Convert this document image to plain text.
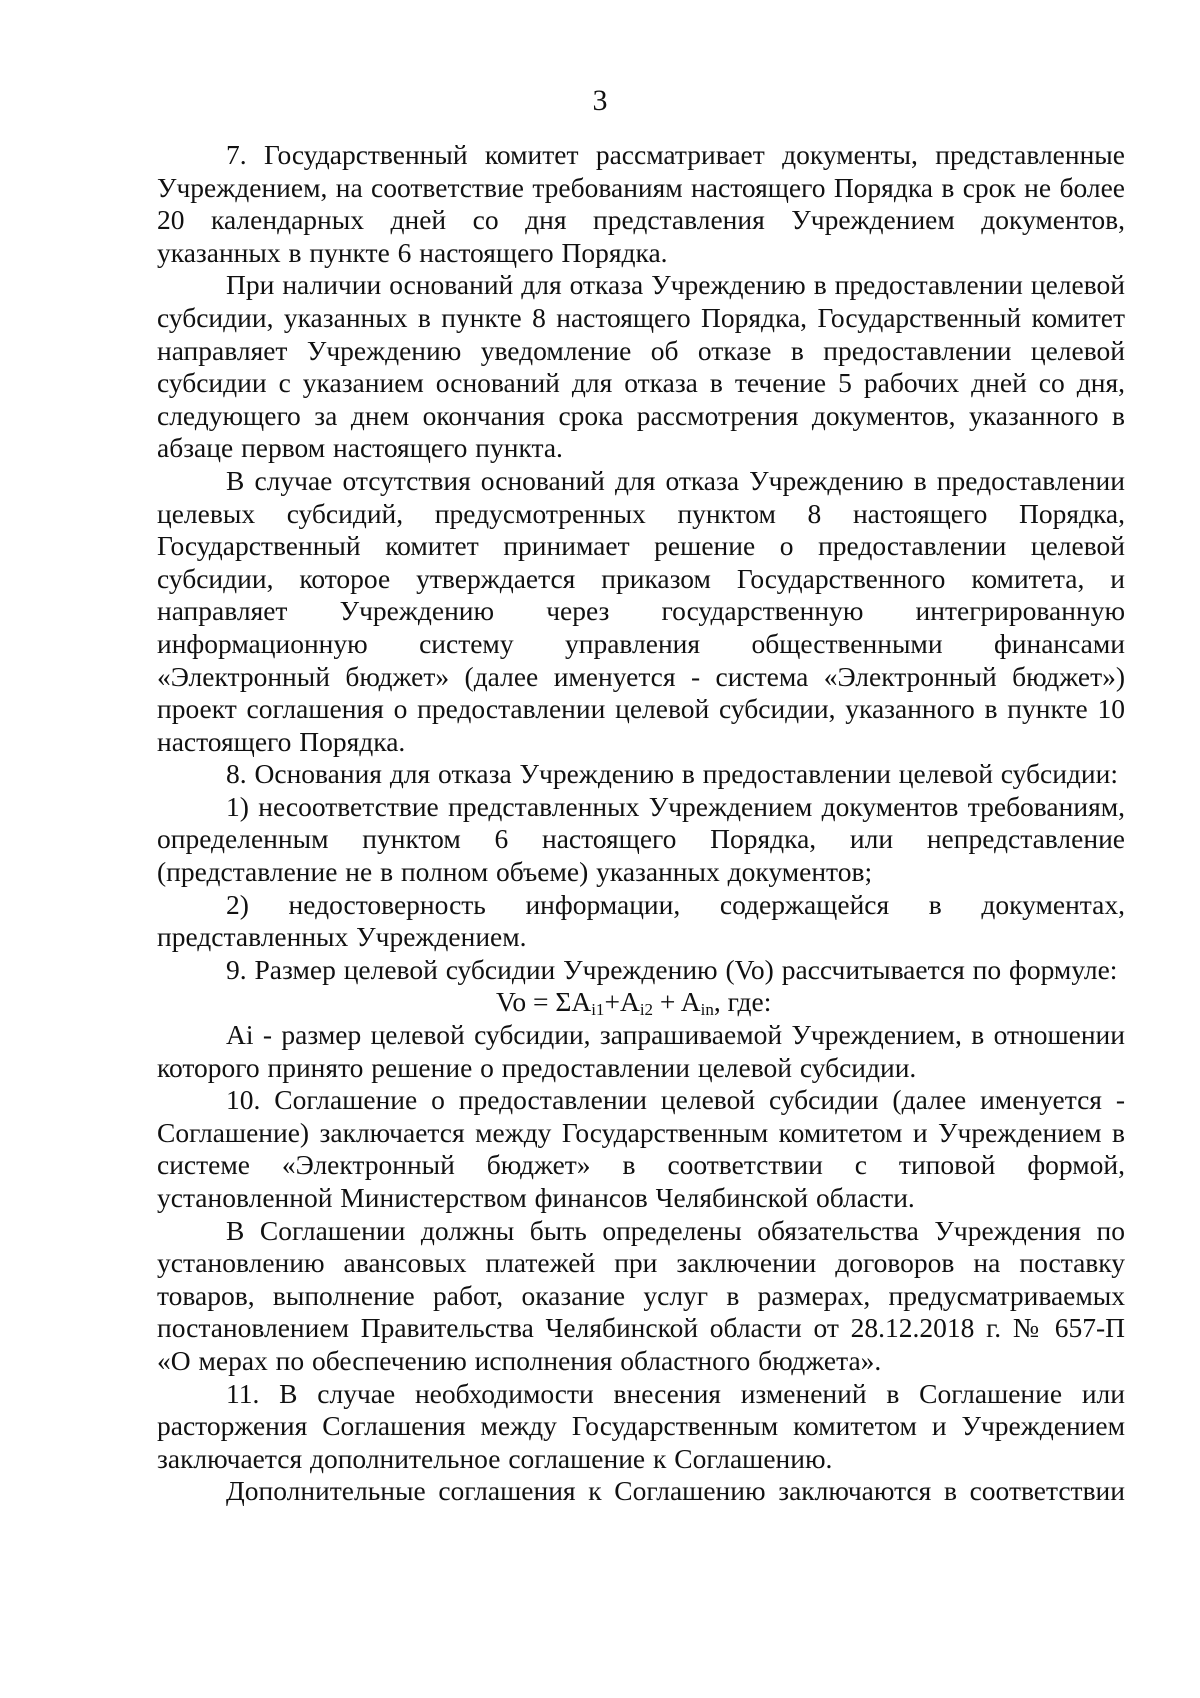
3

7. Государственный комитет рассматривает документы, представленные Учреждением, на соответствие требованиям настоящего Порядка в срок не более 20 календарных дней со дня представления Учреждением документов, указанных в пункте 6 настоящего Порядка.

При наличии оснований для отказа Учреждению в предоставлении целевой субсидии, указанных в пункте 8 настоящего Порядка, Государственный комитет направляет Учреждению уведомление об отказе в предоставлении целевой субсидии с указанием оснований для отказа в течение 5 рабочих дней со дня, следующего за днем окончания срока рассмотрения документов, указанного в абзаце первом настоящего пункта.

В случае отсутствия оснований для отказа Учреждению в предоставлении целевых субсидий, предусмотренных пунктом 8 настоящего Порядка, Государственный комитет принимает решение о предоставлении целевой субсидии, которое утверждается приказом Государственного комитета, и направляет Учреждению через государственную интегрированную информационную систему управления общественными финансами «Электронный бюджет» (далее именуется - система «Электронный бюджет») проект соглашения о предоставлении целевой субсидии, указанного в пункте 10 настоящего Порядка.

8. Основания для отказа Учреждению в предоставлении целевой субсидии:

1) несоответствие представленных Учреждением документов требованиям, определенным пунктом 6 настоящего Порядка, или непредставление (представление не в полном объеме) указанных документов;

2) недостоверность информации, содержащейся в документах, представленных Учреждением.

9. Размер целевой субсидии Учреждению (Vo) рассчитывается по формуле:

$Vo = \Sigma A_{i1}+A_{i2} + A_{in}$, где:

Ai - размер целевой субсидии, запрашиваемой Учреждением, в отношении которого принято решение о предоставлении целевой субсидии.

10. Соглашение о предоставлении целевой субсидии (далее именуется - Соглашение) заключается между Государственным комитетом и Учреждением в системе «Электронный бюджет» в соответствии с типовой формой, установленной Министерством финансов Челябинской области.

В Соглашении должны быть определены обязательства Учреждения по установлению авансовых платежей при заключении договоров на поставку товаров, выполнение работ, оказание услуг в размерах, предусматриваемых постановлением Правительства Челябинской области от 28.12.2018 г. № 657-П «О мерах по обеспечению исполнения областного бюджета».

11. В случае необходимости внесения изменений в Соглашение или расторжения Соглашения между Государственным комитетом и Учреждением заключается дополнительное соглашение к Соглашению.

Дополнительные соглашения к Соглашению заключаются в соответствии
